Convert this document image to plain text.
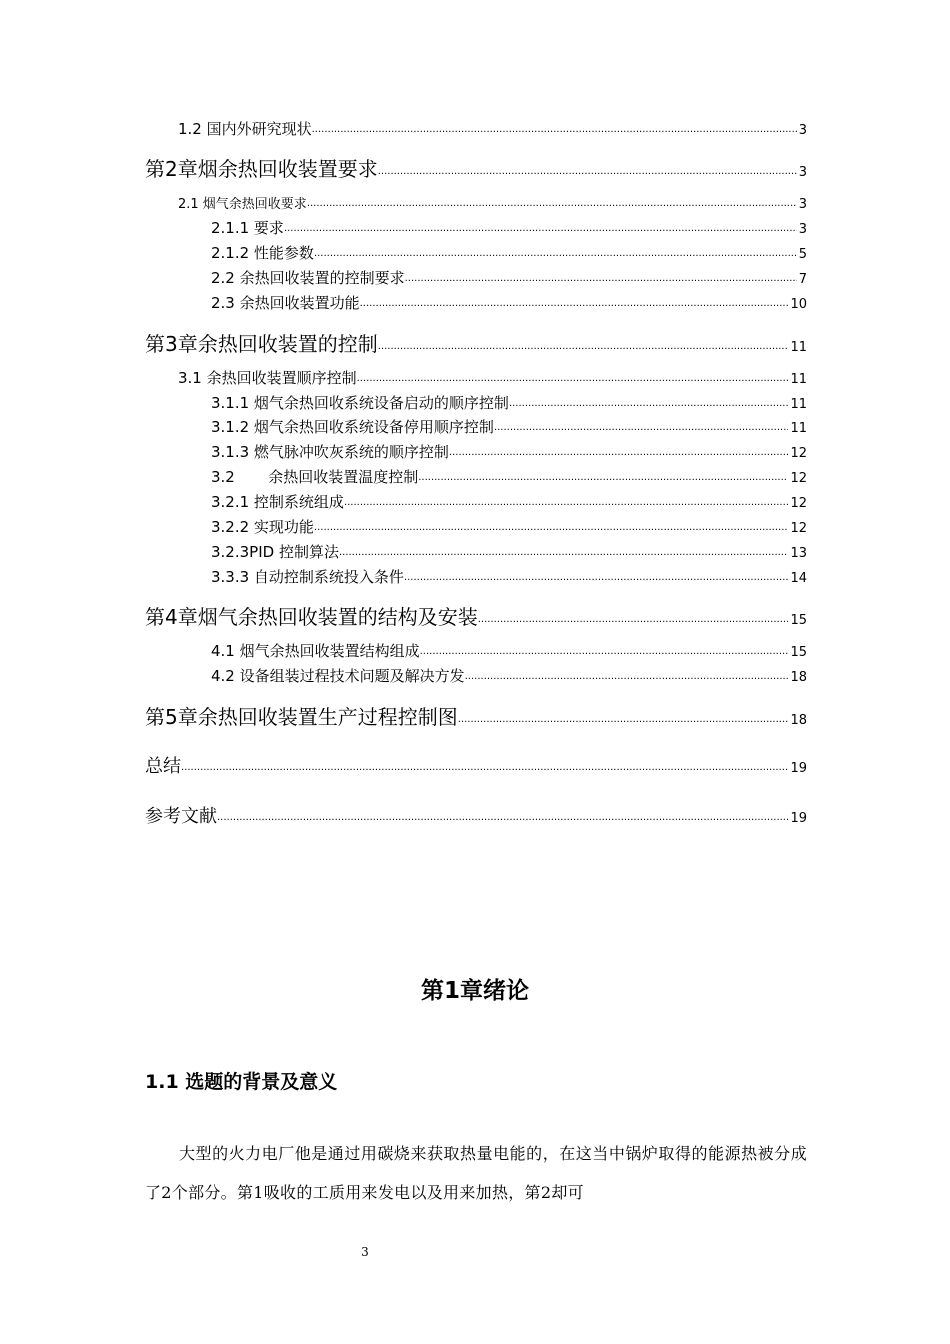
1.2 国内外研究现状 .....	3
第2章烟余热回收装置要求 .....	3
2.1 烟气余热回收要求 .....	3
2.1.1 要求 .....	3
2.1.2 性能参数 .....	5
2.2 余热回收装置的控制要求 .....	7
2.3 余热回收装置功能 .....	10
第3章余热回收装置的控制 .....	11
3.1 余热回收装置顺序控制 .....	11
3.1.1 烟气余热回收系统设备启动的顺序控制 .....	11
3.1.2 烟气余热回收系统设备停用顺序控制 .....	11
3.1.3 燃气脉冲吹灰系统的顺序控制 .....	12
3.2       余热回收装置温度控制 .....	12
3.2.1 控制系统组成 .....	12
3.2.2 实现功能 .....	12
3.2.3PID 控制算法 .....	13
3.3.3 自动控制系统投入条件 .....	14
第4章烟气余热回收装置的结构及安装 .....	15
4.1 烟气余热回收装置结构组成 .....	15
4.2 设备组装过程技术问题及解决方发 .....	18
第5章余热回收装置生产过程控制图 .....	18
总结 .....	19
参考文献 .....	19
第1章绪论
1.1 选题的背景及意义
大型的火力电厂他是通过用碳烧来获取热量电能的，在这当中锅炉取得的能源热被分成了2个部分。第1吸收的工质用来发电以及用来加热，第2却可
3
